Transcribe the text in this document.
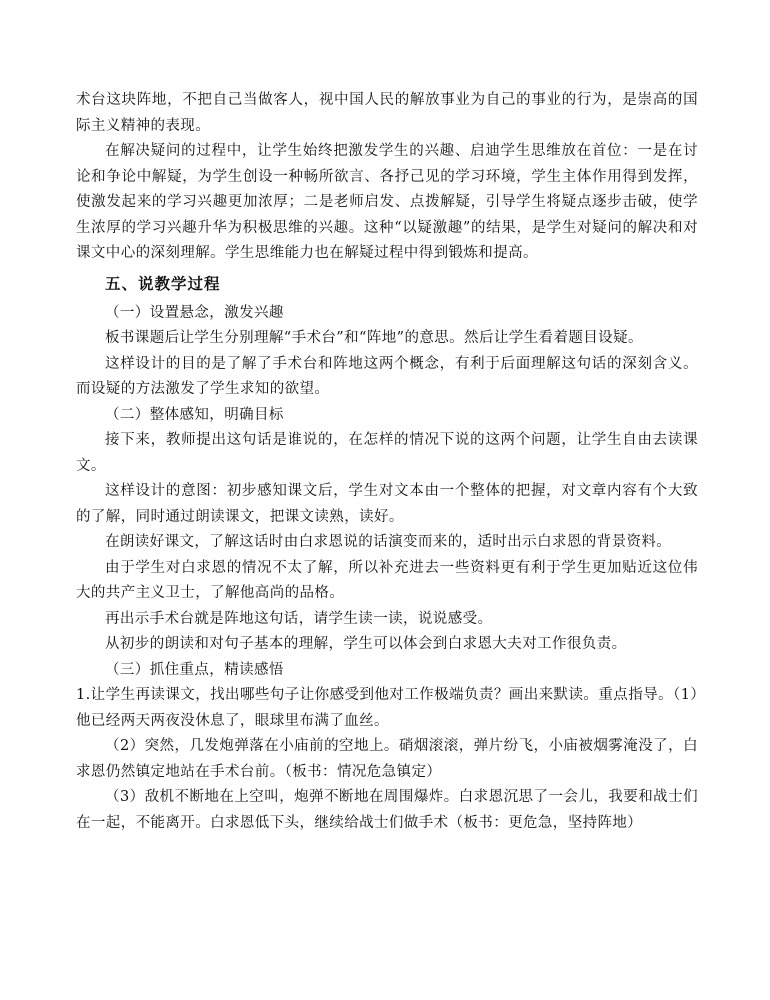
术台这块阵地，不把自己当做客人，视中国人民的解放事业为自己的事业的行为，是崇高的国际主义精神的表现。

在解决疑问的过程中，让学生始终把激发学生的兴趣、启迪学生思维放在首位：一是在讨论和争论中解疑，为学生创设一种畅所欲言、各抒己见的学习环境，学生主体作用得到发挥，使激发起来的学习兴趣更加浓厚；二是老师启发、点拨解疑，引导学生将疑点逐步击破，使学生浓厚的学习兴趣升华为积极思维的兴趣。这种“以疑激趣”的结果，是学生对疑问的解决和对课文中心的深刻理解。学生思维能力也在解疑过程中得到锻炼和提高。

五、说教学过程

（一）设置悬念，激发兴趣

板书课题后让学生分别理解“手术台”和“阵地”的意思。然后让学生看着题目设疑。

这样设计的目的是了解了手术台和阵地这两个概念，有利于后面理解这句话的深刻含义。而设疑的方法激发了学生求知的欲望。

（二）整体感知，明确目标

接下来，教师提出这句话是谁说的，在怎样的情况下说的这两个问题，让学生自由去读课文。

这样设计的意图：初步感知课文后，学生对文本由一个整体的把握，对文章内容有个大致的了解，同时通过朗读课文，把课文读熟，读好。

在朗读好课文，了解这话时由白求恩说的话演变而来的，适时出示白求恩的背景资料。

由于学生对白求恩的情况不太了解，所以补充进去一些资料更有利于学生更加贴近这位伟大的共产主义卫士，了解他高尚的品格。

再出示手术台就是阵地这句话，请学生读一读，说说感受。

从初步的朗读和对句子基本的理解，学生可以体会到白求恩大夫对工作很负责。

（三）抓住重点，精读感悟

1.让学生再读课文，找出哪些句子让你感受到他对工作极端负责？画出来默读。重点指导。（1）他已经两天两夜没休息了，眼球里布满了血丝。

（2）突然，几发炮弹落在小庙前的空地上。硝烟滚滚，弹片纷飞，小庙被烟雾淹没了，白求恩仍然镇定地站在手术台前。（板书：情况危急镇定）

（3）敌机不断地在上空叫，炮弹不断地在周围爆炸。白求恩沉思了一会儿，我要和战士们在一起，不能离开。白求恩低下头，继续给战士们做手术（板书：更危急，坚持阵地）
